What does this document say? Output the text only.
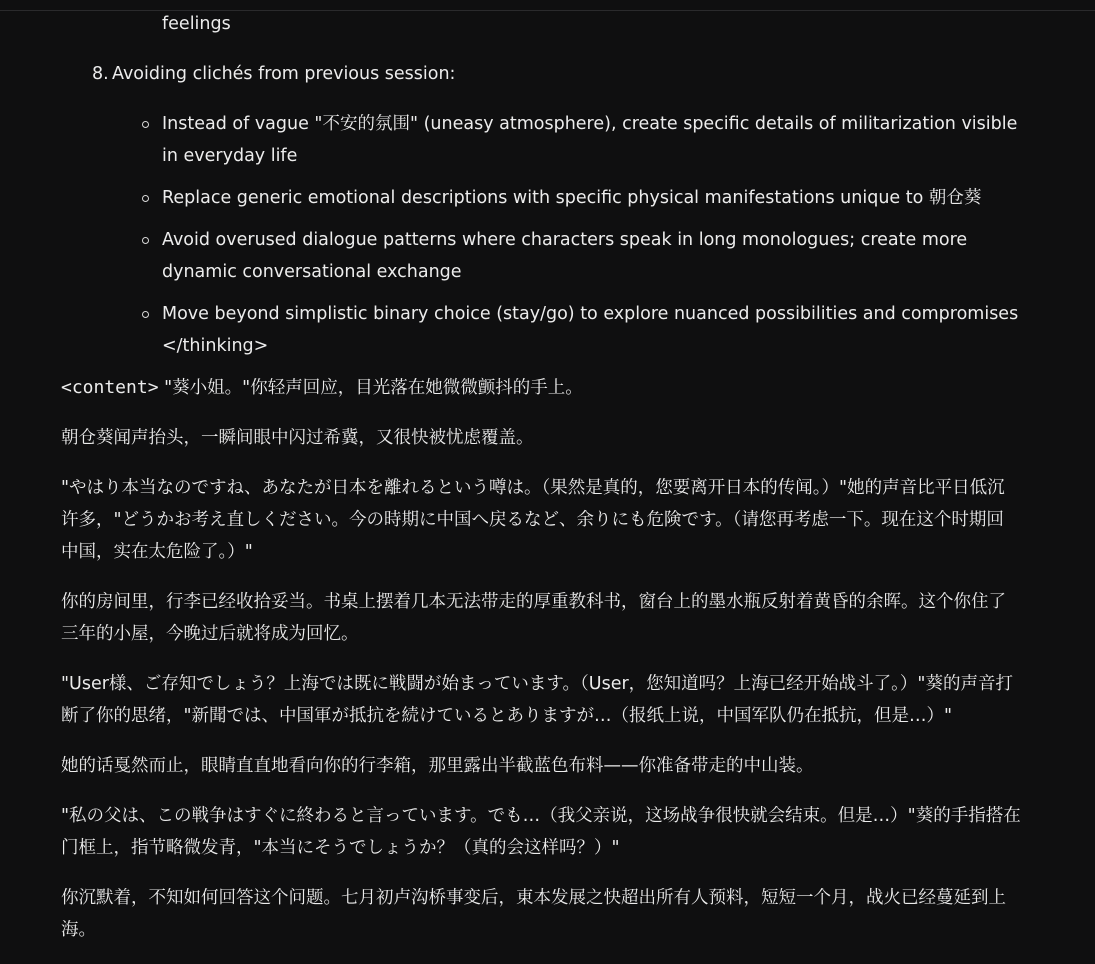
feelings

8. Avoiding clichés from previous session:
Instead of vague "不安的氛围" (uneasy atmosphere), create specific details of militarization visible in everyday life
Replace generic emotional descriptions with specific physical manifestations unique to 朝仓葵
Avoid overused dialogue patterns where characters speak in long monologues; create more dynamic conversational exchange
Move beyond simplistic binary choice (stay/go) to explore nuanced possibilities and compromises </thinking>

<content> "葵小姐。"你轻声回应，目光落在她微微颤抖的手上。

朝仓葵闻声抬头，一瞬间眼中闪过希冀，又很快被忧虑覆盖。

"やはり本当なのですね、あなたが日本を離れるという噂は。（果然是真的，您要离开日本的传闻。）"她的声音比平日低沉许多，"どうかお考え直しください。今の時期に中国へ戻るなど、余りにも危険です。（请您再考虑一下。现在这个时期回中国，实在太危险了。）"

你的房间里，行李已经收拾妥当。书桌上摆着几本无法带走的厚重教科书，窗台上的墨水瓶反射着黄昏的余晖。这个你住了三年的小屋，今晚过后就将成为回忆。

"User様、ご存知でしょう？上海では既に戦闘が始まっています。（User，您知道吗？上海已经开始战斗了。）"葵的声音打断了你的思绪，"新聞では、中国軍が抵抗を続けているとありますが…（报纸上说，中国军队仍在抵抗，但是…）"

她的话戛然而止，眼睛直直地看向你的行李箱，那里露出半截蓝色布料——你准备带走的中山装。

"私の父は、この戦争はすぐに終わると言っています。でも…（我父亲说，这场战争很快就会结束。但是…）"葵的手指搭在门框上，指节略微发青，"本当にそうでしょうか？（真的会这样吗？）"

你沉默着，不知如何回答这个问题。七月初卢沟桥事变后，東本发展之快超出所有人预料，短短一个月，战火已经蔓延到上海。
